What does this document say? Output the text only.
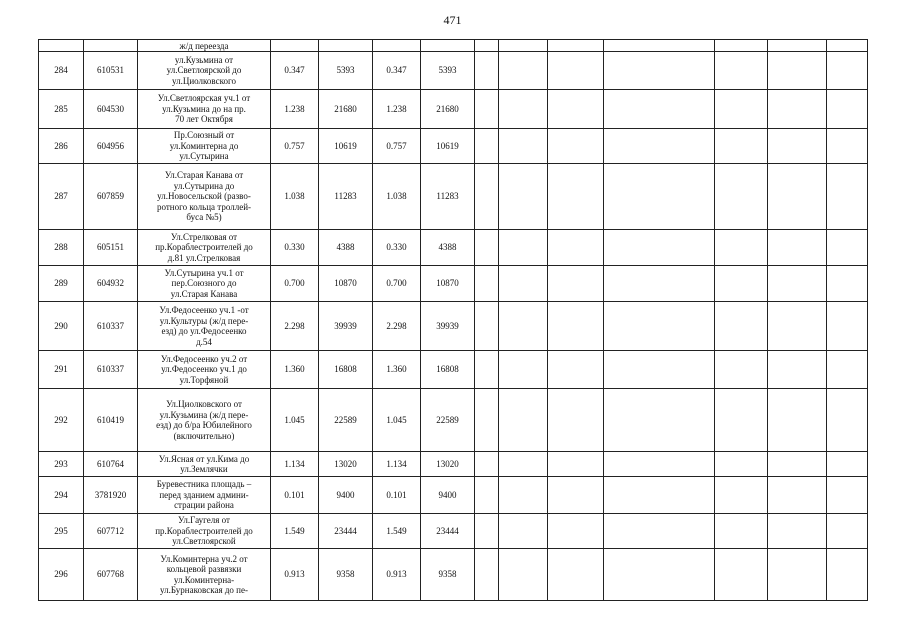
471
		ж/д переезда											
284	610531	ул.Кузьмина от
ул.Светлоярской до
ул.Циолковского	0.347	5393	0.347	5393							
285	604530	Ул.Светлоярская уч.1 от
ул.Кузьмина до на пр.
70 лет Октября	1.238	21680	1.238	21680							
286	604956	Пр.Союзный от
ул.Коминтерна до
ул.Сутырина	0.757	10619	0.757	10619							
287	607859	Ул.Старая Канава от
ул.Сутырина до
ул.Новосельской (разво-
ротного кольца троллей-
буса №5)	1.038	11283	1.038	11283							
288	605151	Ул.Стрелковая от
пр.Кораблестроителей до
д.81 ул.Стрелковая	0.330	4388	0.330	4388							
289	604932	Ул.Сутырина уч.1 от
пер.Союзного до
ул.Старая Канава	0.700	10870	0.700	10870							
290	610337	Ул.Федосеенко уч.1 -от
ул.Культуры (ж/д пере-
езд) до ул.Федосеенко
д.54	2.298	39939	2.298	39939							
291	610337	Ул.Федосеенко уч.2 от
ул.Федосеенко уч.1 до
ул.Торфяной	1.360	16808	1.360	16808							
292	610419	Ул.Циолковского от
ул.Кузьмина (ж/д пере-
езд) до б/ра Юбилейного
(включительно)	1.045	22589	1.045	22589							
293	610764	Ул.Ясная от ул.Кима до
ул.Землячки	1.134	13020	1.134	13020							
294	3781920	Буревестника площадь –
перед зданием админи-
страции района	0.101	9400	0.101	9400							
295	607712	Ул.Гаугеля от
пр.Кораблестроителей до
ул.Светлоярской	1.549	23444	1.549	23444							
296	607768	Ул.Коминтерна уч.2 от
кольцевой развязки
ул.Коминтерна-
ул.Бурнаковская до пе-	0.913	9358	0.913	9358							
